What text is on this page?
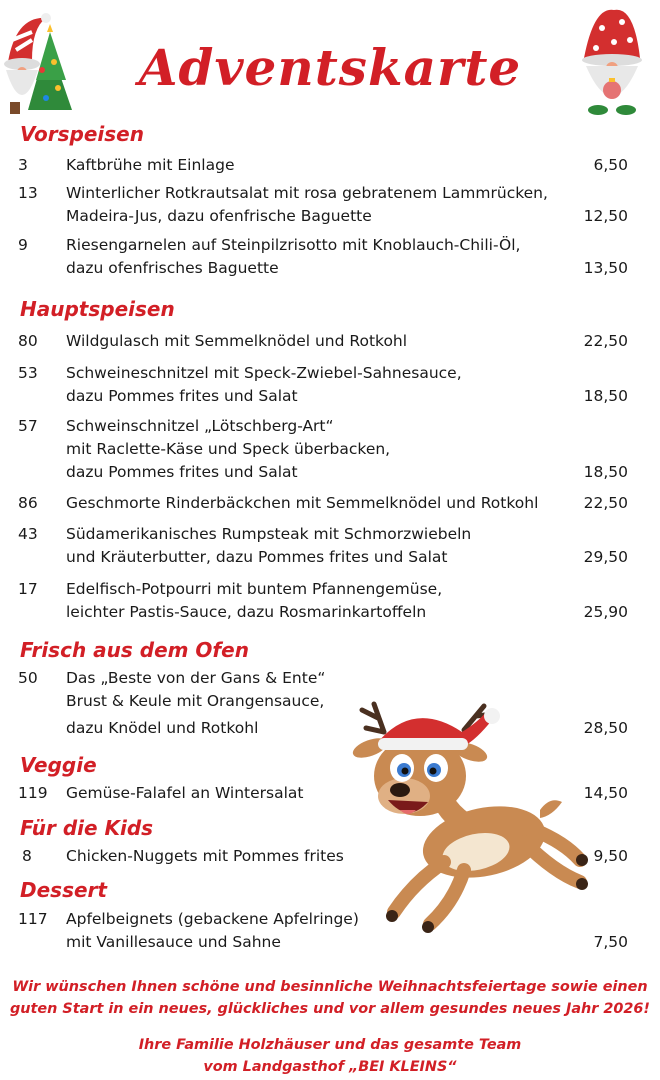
Adventskarte
Vorspeisen
3 Kaftbrühe mit Einlage	6,50
13 Winterlicher Rotkrautsalat mit rosa gebratenem Lammrücken,
Madeira-Jus, dazu ofenfrische Baguette	12,50
9 Riesengarnelen auf Steinpilzrisotto mit Knoblauch-Chili-Öl,
dazu ofenfrisches Baguette	13,50
Hauptspeisen
80 Wildgulasch mit Semmelknödel und Rotkohl	22,50
53 Schweineschnitzel mit Speck-Zwiebel-Sahnesauce,
dazu Pommes frites und Salat	18,50
57 Schweinschnitzel „Lötschberg-Art“
mit Raclette-Käse und Speck überbacken,
dazu Pommes frites und Salat	18,50
86 Geschmorte Rinderbäckchen mit Semmelknödel und Rotkohl	22,50
43 Südamerikanisches Rumpsteak mit Schmorzwiebeln
und Kräuterbutter, dazu Pommes frites und Salat	29,50
17 Edelfisch-Potpourri mit buntem Pfannengemüse,
leichter Pastis-Sauce, dazu Rosmarinkartoffeln	25,90
Frisch aus dem Ofen
50 Das „Beste von der Gans & Ente“
Brust & Keule mit Orangensauce,
dazu Knödel und Rotkohl	28,50
Veggie
119 Gemüse-Falafel an Wintersalat	14,50
Für die Kids
8 Chicken-Nuggets mit Pommes frites	9,50
Dessert
117 Apfelbeignets (gebackene Apfelringe)
mit Vanillesauce und Sahne	7,50
Wir wünschen Ihnen schöne und besinnliche Weihnachtsfeiertage sowie einen
guten Start in ein neues, glückliches und vor allem gesundes neues Jahr 2026!
Ihre Familie Holzhäuser und das gesamte Team
vom Landgasthof „BEI KLEINS“
